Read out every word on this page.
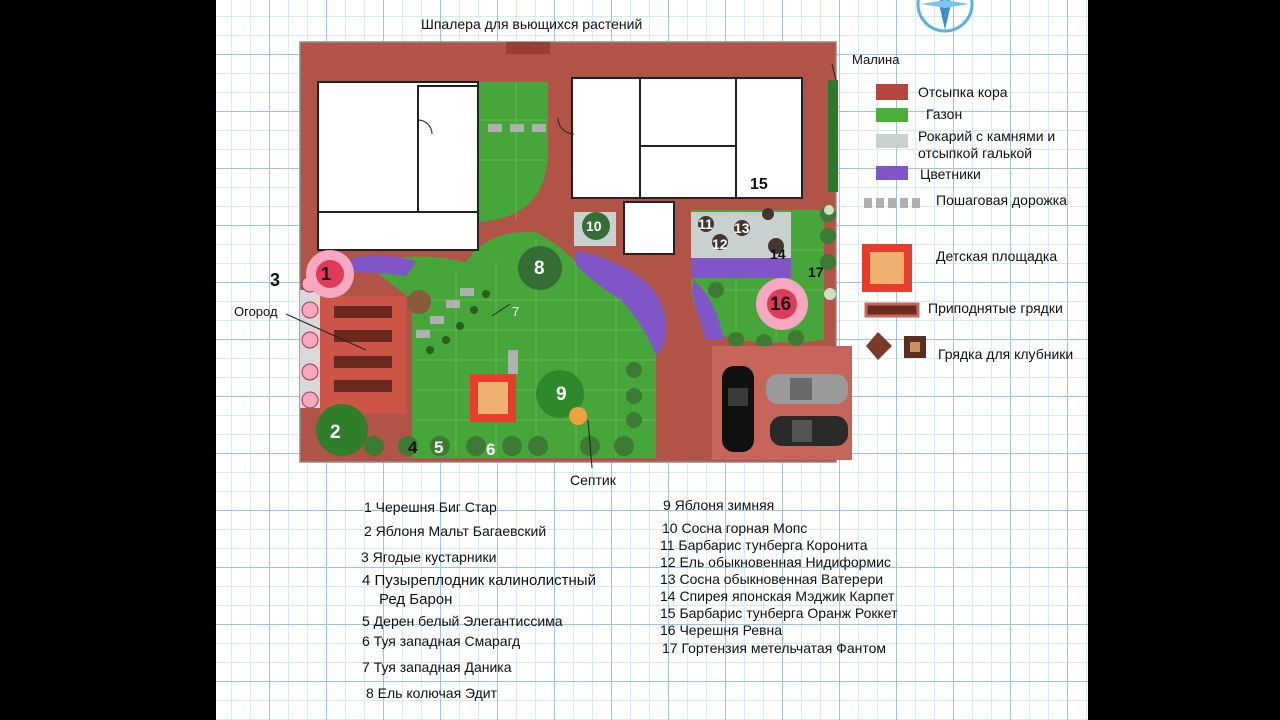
Шпалера для вьющихся растений
Малина
Огород
Септик
7
1
2
3
4 5	6
8
9
10	11
12
13
14
15
16
17
Отсыпка кора
Газон
Рокарий с камнями и
отсыпкой галькой
Цветники
Пошаговая дорожка
Детская площадка
Приподнятые грядки
Грядка для клубники
1 Черешня Биг Стар
2 Яблоня Мальт Багаевский
3 Ягодые кустарники
4 Пузыреплодник калинолистный
Ред Барон
5 Дерен белый Элегантиссима
6 Туя западная Смарагд
7 Туя западная Даника
8 Ель колючая Эдит
9 Яблоня зимняя
10 Сосна горная Мопс
11 Барбарис тунберга Коронита
12 Ель обыкновенная Нидиформис
13 Сосна обыкновенная Ватерери
14 Спирея японская Мэджик Карпет
15 Барбарис тунберга Оранж Роккет
16 Черешня Ревна
17 Гортензия метельчатая Фантом
